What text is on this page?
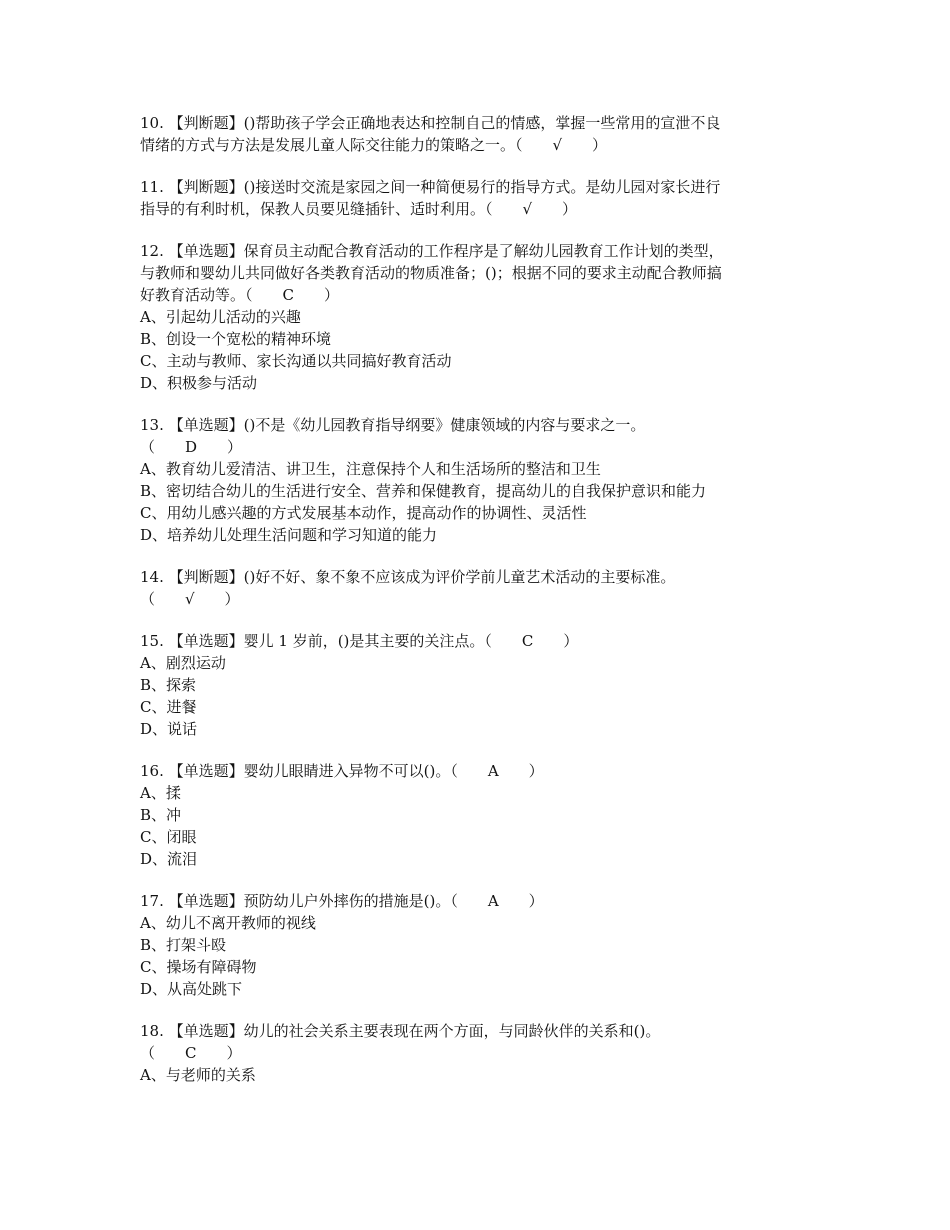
10. 【判断题】()帮助孩子学会正确地表达和控制自己的情感，掌握一些常用的宣泄不良
情绪的方式与方法是发展儿童人际交往能力的策略之一。（　　√　　）
11. 【判断题】()接送时交流是家园之间一种简便易行的指导方式。是幼儿园对家长进行
指导的有利时机，保教人员要见缝插针、适时利用。（　　√　　）
12. 【单选题】保育员主动配合教育活动的工作程序是了解幼儿园教育工作计划的类型，
与教师和婴幼儿共同做好各类教育活动的物质准备；()；根据不同的要求主动配合教师搞
好教育活动等。（　　C　　）
A、引起幼儿活动的兴趣
B、创设一个宽松的精神环境
C、主动与教师、家长沟通以共同搞好教育活动
D、积极参与活动
13. 【单选题】()不是《幼儿园教育指导纲要》健康领域的内容与要求之一。
（　　D　　）
A、教育幼儿爱清洁、讲卫生，注意保持个人和生活场所的整洁和卫生
B、密切结合幼儿的生活进行安全、营养和保健教育，提高幼儿的自我保护意识和能力
C、用幼儿感兴趣的方式发展基本动作，提高动作的协调性、灵活性
D、培养幼儿处理生活问题和学习知道的能力
14. 【判断题】()好不好、象不象不应该成为评价学前儿童艺术活动的主要标准。
（　　√　　）
15. 【单选题】婴儿 1 岁前，()是其主要的关注点。（　　C　　）
A、剧烈运动
B、探索
C、进餐
D、说话
16. 【单选题】婴幼儿眼睛进入异物不可以()。（　　A　　）
A、揉
B、冲
C、闭眼
D、流泪
17. 【单选题】预防幼儿户外摔伤的措施是()。（　　A　　）
A、幼儿不离开教师的视线
B、打架斗殴
C、操场有障碍物
D、从高处跳下
18. 【单选题】幼儿的社会关系主要表现在两个方面，与同龄伙伴的关系和()。
（　　C　　）
A、与老师的关系
